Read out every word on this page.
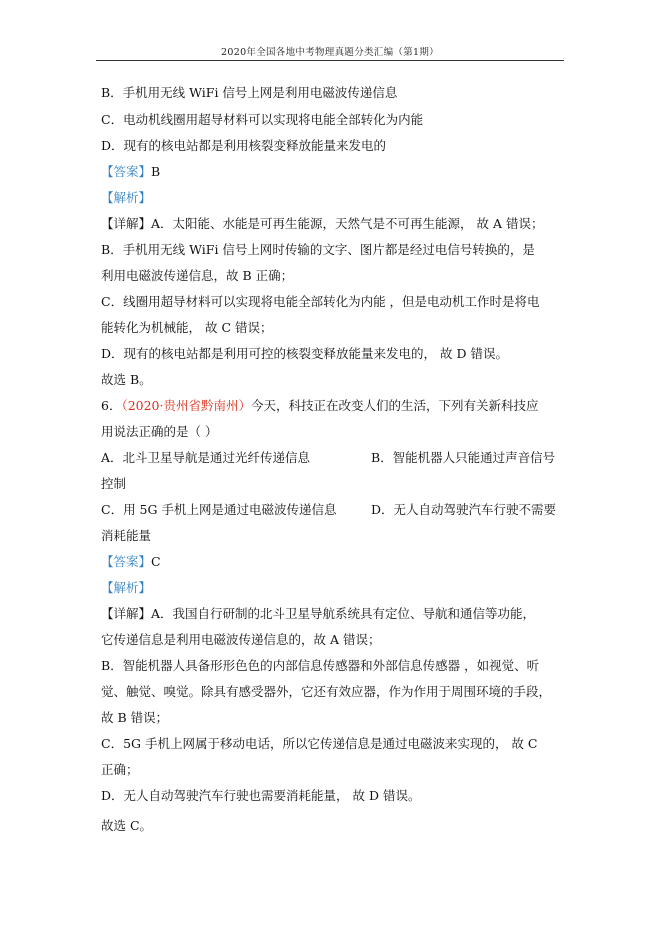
2020年全国各地中考物理真题分类汇编（第1期）
B．手机用无线 WiFi 信号上网是利用电磁波传递信息
C．电动机线圈用超导材料可以实现将电能全部转化为内能
D．现有的核电站都是利用核裂变释放能量来发电的
【答案】B
【解析】
【详解】A．太阳能、水能是可再生能源，天然气是不可再生能源， 故 A 错误；
B．手机用无线 WiFi 信号上网时传输的文字、图片都是经过电信号转换的，是
利用电磁波传递信息，故 B 正确；
C．线圈用超导材料可以实现将电能全部转化为内能 ，但是电动机工作时是将电
能转化为机械能， 故 C 错误；
D．现有的核电站都是利用可控的核裂变释放能量来发电的， 故 D 错误。
故选 B。
6．（2020·贵州省黔南州）今天，科技正在改变人们的生活，下列有关新科技应
用说法正确的是（ ）
A．北斗卫星导航是通过光纤传递信息	B．智能机器人只能通过声音信号
控制
C．用 5G 手机上网是通过电磁波传递信息	D．无人自动驾驶汽车行驶不需要
消耗能量
【答案】C
【解析】
【详解】A．我国自行研制的北斗卫星导航系统具有定位、导航和通信等功能，
它传递信息是利用电磁波传递信息的，故 A 错误；
B．智能机器人具备形形色色的内部信息传感器和外部信息传感器 ，如视觉、听
觉、触觉、嗅觉。除具有感受器外，它还有效应器，作为作用于周围环境的手段，
故 B 错误；
C．5G 手机上网属于移动电话，所以它传递信息是通过电磁波来实现的， 故 C
正确；
D．无人自动驾驶汽车行驶也需要消耗能量， 故 D 错误。
故选 C。
